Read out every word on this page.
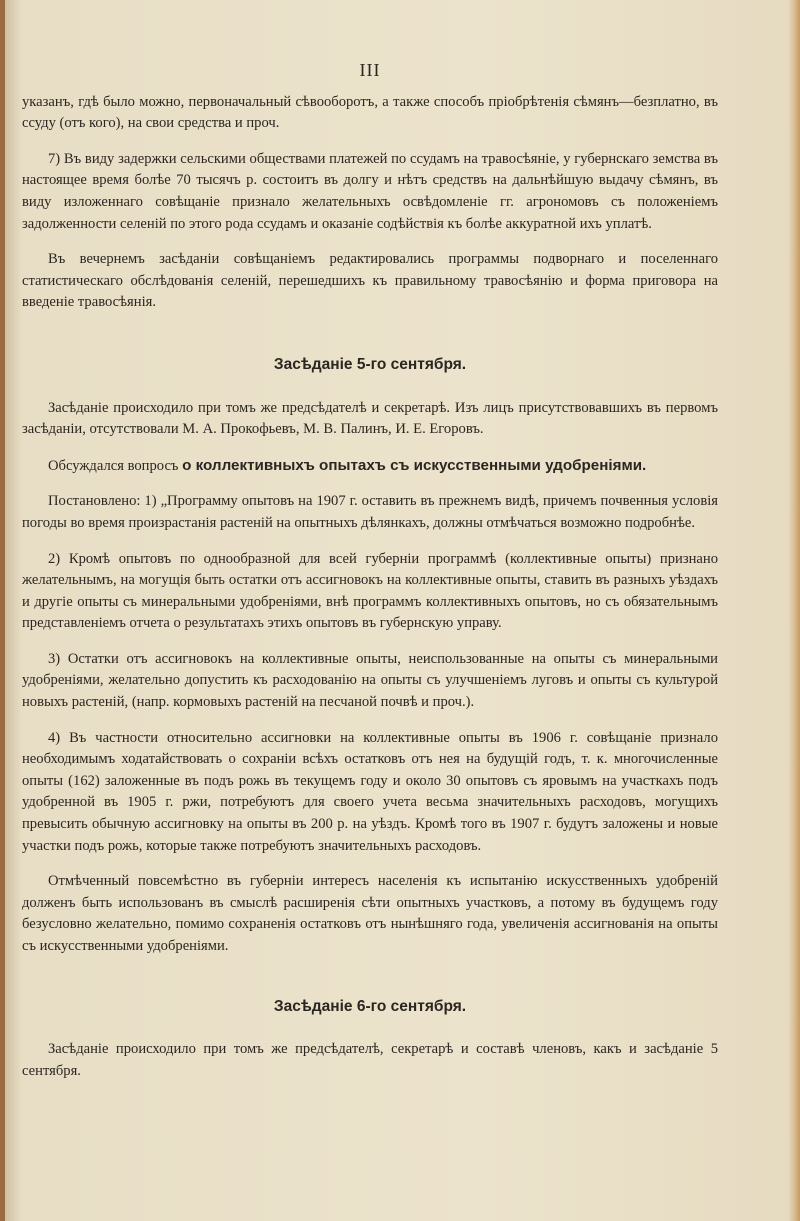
III

указанъ, гдѣ было можно, первоначальный сѣвооборотъ, а также способъ пріобрѣтенія сѣмянъ—безплатно, въ ссуду (отъ кого), на свои средства и проч.

7) Въ виду задержки сельскими обществами платежей по ссудамъ на травосѣяніе, у губернскаго земства въ настоящее время болѣе 70 тысячъ р. состоитъ въ долгу и нѣтъ средствъ на дальнѣйшую выдачу сѣмянъ, въ виду изложеннаго совѣщаніе признало желательныхъ освѣдомленіе гг. агрономовъ съ положеніемъ задолженности селеній по этого рода ссудамъ и оказаніе содѣйствія къ болѣе аккуратной ихъ уплатѣ.

Въ вечернемъ засѣданіи совѣщаніемъ редактировались программы подворнаго и поселеннаго статистическаго обслѣдованія селеній, перешедшихъ къ правильному травосѣянію и форма приговора на введеніе травосѣянія.

Засѣданіе 5-го сентября.

Засѣданіе происходило при томъ же предсѣдателѣ и секретарѣ. Изъ лицъ присутствовавшихъ въ первомъ засѣданіи, отсутствовали М. А. Прокофьевъ, М. В. Палинъ, И. Е. Егоровъ.

Обсуждался вопросъ о коллективныхъ опытахъ съ искусственными удобреніями.

Постановлено: 1) „Программу опытовъ на 1907 г. оставить въ прежнемъ видѣ, причемъ почвенныя условія погоды во время произрастанія растеній на опытныхъ дѣлянкахъ, должны отмѣчаться возможно подробнѣе.

2) Кромѣ опытовъ по однообразной для всей губерніи программѣ (коллективные опыты) признано желательнымъ, на могущія быть остатки отъ ассигновокъ на коллективные опыты, ставить въ разныхъ уѣздахъ и другіе опыты съ минеральными удобреніями, внѣ программъ коллективныхъ опытовъ, но съ обязательнымъ представленіемъ отчета о результатахъ этихъ опытовъ въ губернскую управу.

3) Остатки отъ ассигновокъ на коллективные опыты, неиспользованные на опыты съ минеральными удобреніями, желательно допустить къ расходованію на опыты съ улучшеніемъ луговъ и опыты съ культурой новыхъ растеній, (напр. кормовыхъ растеній на песчаной почвѣ и проч.).

4) Въ частности относительно ассигновки на коллективные опыты въ 1906 г. совѣщаніе признало необходимымъ ходатайствовать о сохраніи всѣхъ остатковъ отъ нея на будущій годъ, т. к. многочисленные опыты (162) заложенные въ подъ рожь въ текущемъ году и около 30 опытовъ съ яровымъ на участкахъ подъ удобренной въ 1905 г. ржи, потребуютъ для своего учета весьма значительныхъ расходовъ, могущихъ превысить обычную ассигновку на опыты въ 200 р. на уѣздъ. Кромѣ того въ 1907 г. будутъ заложены и новые участки подъ рожь, которые также потребуютъ значительныхъ расходовъ.

Отмѣченный повсемѣстно въ губерніи интересъ населенія къ испытанію искусственныхъ удобреній долженъ быть использованъ въ смыслѣ расширенія сѣти опытныхъ участковъ, а потому въ будущемъ году безусловно желательно, помимо сохраненія остатковъ отъ нынѣшняго года, увеличенія ассигнованія на опыты съ искусственными удобреніями.

Засѣданіе 6-го сентября.

Засѣданіе происходило при томъ же предсѣдателѣ, секретарѣ и составѣ членовъ, какъ и засѣданіе 5 сентября.
